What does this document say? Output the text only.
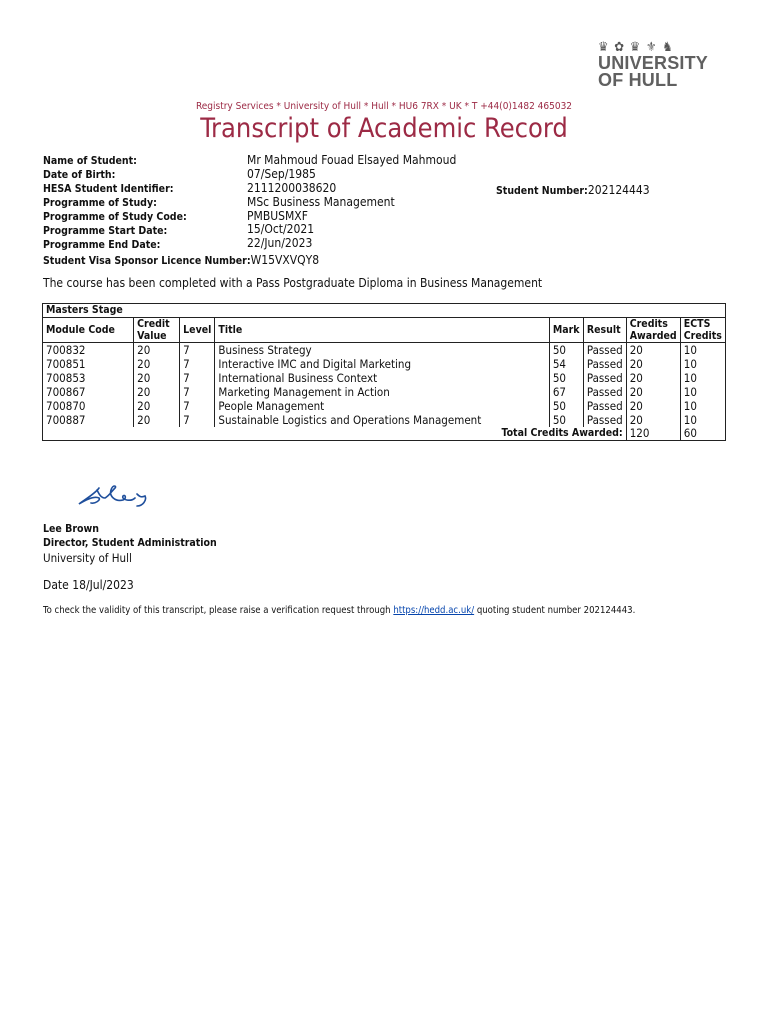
♛ ✿ ♛ ⚜ ♞
UNIVERSITY
OF HULL
Registry Services * University of Hull * Hull * HU6 7RX * UK * T +44(0)1482 465032
Transcript of Academic Record
Name of Student:	Mr Mahmoud Fouad Elsayed Mahmoud
Date of Birth:	07/Sep/1985
HESA Student Identifier:	2111200038620	Student Number:202124443
Programme of Study:	MSc Business Management
Programme of Study Code:	PMBUSMXF
Programme Start Date:	15/Oct/2021
Programme End Date:	22/Jun/2023
Student Visa Sponsor Licence Number:W15VXVQY8
The course has been completed with a Pass Postgraduate Diploma in Business Management
Masters Stage							
Module Code	Credit Value	Level	Title	Mark	Result	Credits Awarded	ECTS Credits
700832	20	7	Business Strategy	50	Passed	20	10
700851	20	7	Interactive IMC and Digital Marketing	54	Passed	20	10
700853	20	7	International Business Context	50	Passed	20	10
700867	20	7	Marketing Management in Action	67	Passed	20	10
700870	20	7	People Management	50	Passed	20	10
700887	20	7	Sustainable Logistics and Operations Management	50	Passed	20	10
Total Credits Awarded:						120	60
Lee Brown
Director, Student Administration
University of Hull
Date 18/Jul/2023
To check the validity of this transcript, please raise a verification request through https://hedd.ac.uk/ quoting student number 202124443.
